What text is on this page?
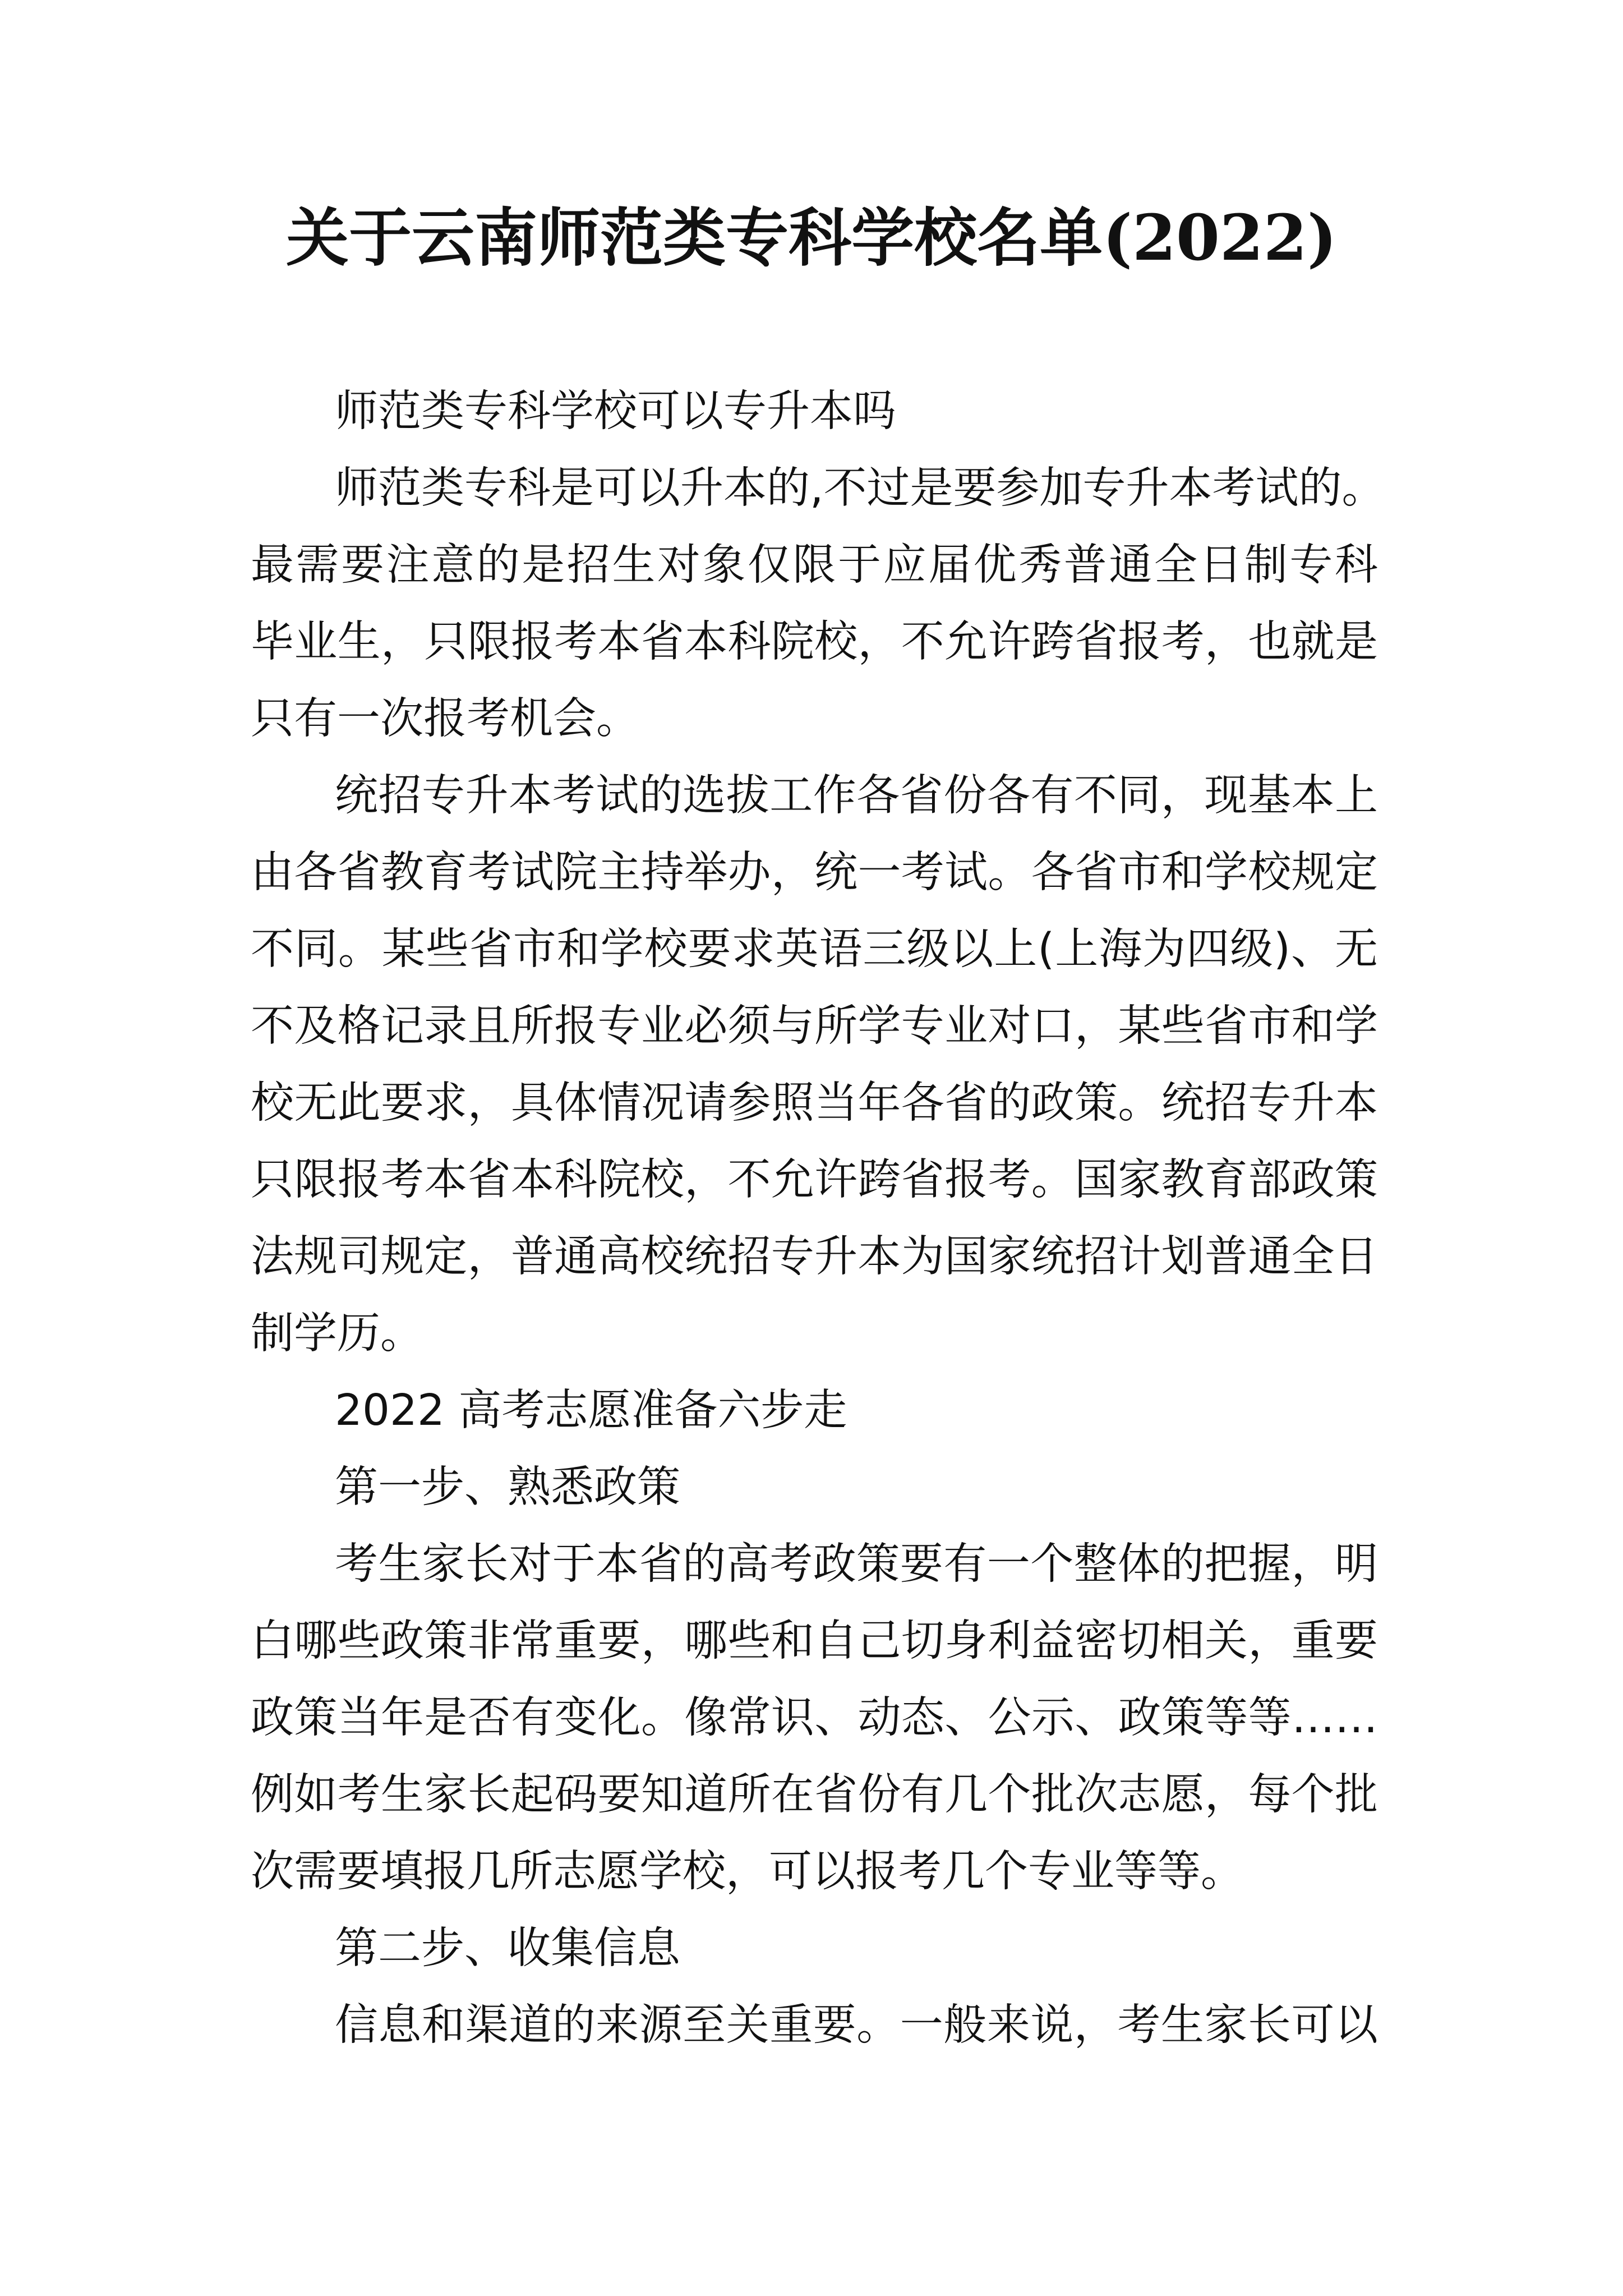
关于云南师范类专科学校名单(2022)
师范类专科学校可以专升本吗
师范类专科是可以升本的,不过是要参加专升本考试的。
最需要注意的是招生对象仅限于应届优秀普通全日制专科
毕业生，只限报考本省本科院校，不允许跨省报考，也就是
只有一次报考机会。
统招专升本考试的选拔工作各省份各有不同，现基本上
由各省教育考试院主持举办，统一考试。各省市和学校规定
不同。某些省市和学校要求英语三级以上(上海为四级)、无
不及格记录且所报专业必须与所学专业对口，某些省市和学
校无此要求，具体情况请参照当年各省的政策。统招专升本
只限报考本省本科院校，不允许跨省报考。国家教育部政策
法规司规定，普通高校统招专升本为国家统招计划普通全日
制学历。
2022 高考志愿准备六步走
第一步、熟悉政策
考生家长对于本省的高考政策要有一个整体的把握，明
白哪些政策非常重要，哪些和自己切身利益密切相关，重要
政策当年是否有变化。像常识、动态、公示、政策等等……
例如考生家长起码要知道所在省份有几个批次志愿，每个批
次需要填报几所志愿学校，可以报考几个专业等等。
第二步、收集信息
信息和渠道的来源至关重要。一般来说，考生家长可以
